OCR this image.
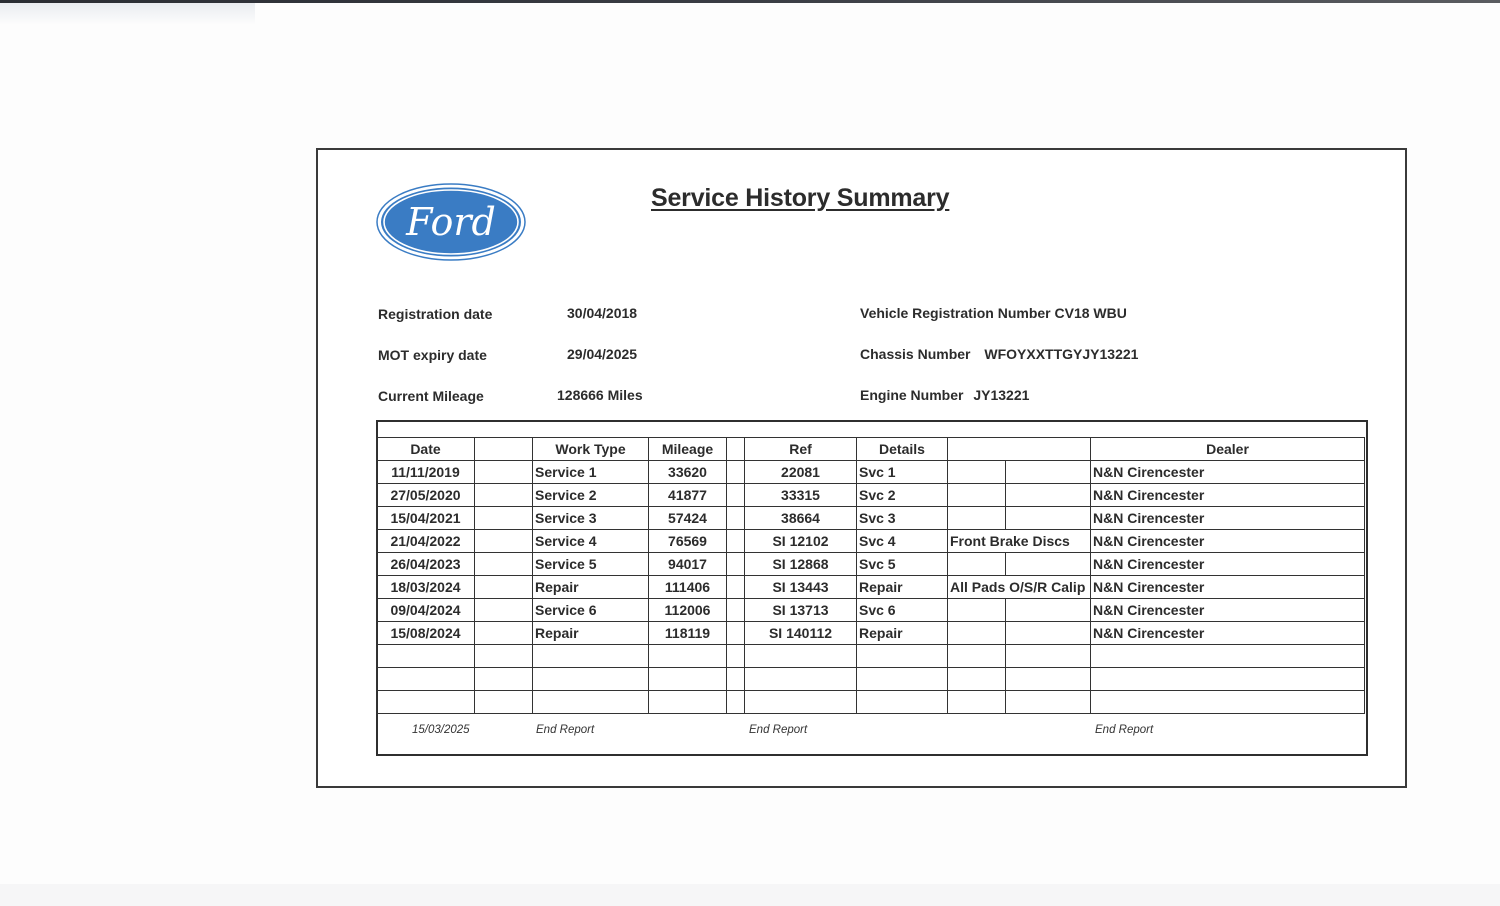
Ford
Service History Summary
Registration date	30/04/2018
MOT expiry date	29/04/2025
Current Mileage	128666 Miles
Vehicle Registration Number CV18 WBU
Chassis Number WFOYXXTTGYJY13221
Engine Number JY13221
Date		Work Type	Mileage		Ref	Details			Dealer
11/11/2019		Service 1	33620		22081	Svc 1			N&N Cirencester
27/05/2020		Service 2	41877		33315	Svc 2			N&N Cirencester
15/04/2021		Service 3	57424		38664	Svc 3			N&N Cirencester
21/04/2022		Service 4	76569		SI 12102	Svc 4	Front Brake Discs		N&N Cirencester
26/04/2023		Service 5	94017		SI 12868	Svc 5			N&N Cirencester
18/03/2024		Repair	111406		SI 13443	Repair	All Pads O/S/R Calip		N&N Cirencester
09/04/2024		Service 6	112006		SI 13713	Svc 6			N&N Cirencester
15/08/2024		Repair	118119		SI 140112	Repair			N&N Cirencester

15/03/2025	End Report	End Report	End Report
